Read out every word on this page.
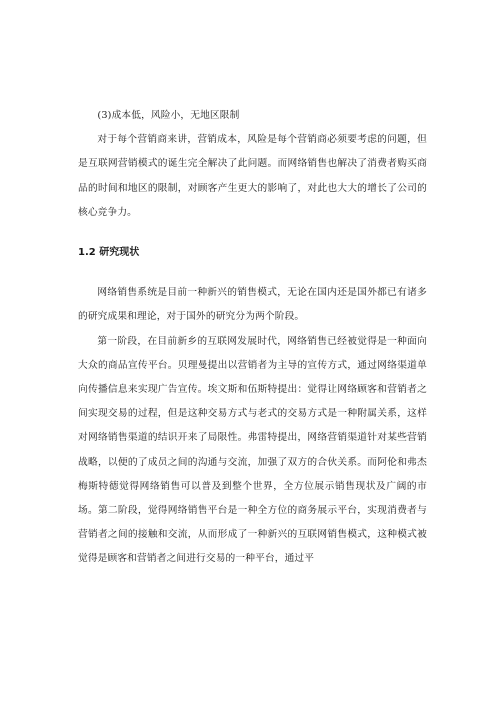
(3)成本低，风险小，无地区限制

对于每个营销商来讲，营销成本，风险是每个营销商必须要考虑的问题，但是互联网营销模式的诞生完全解决了此问题。而网络销售也解决了消费者购买商品的时间和地区的限制，对顾客产生更大的影响了，对此也大大的增长了公司的核心竞争力。

1.2 研究现状

网络销售系统是目前一种新兴的销售模式，无论在国内还是国外都已有诸多的研究成果和理论，对于国外的研究分为两个阶段。

第一阶段，在目前新乡的互联网发展时代，网络销售已经被觉得是一种面向大众的商品宣传平台。贝理曼提出以营销者为主导的宣传方式，通过网络渠道单向传播信息来实现广告宣传。埃文斯和伍斯特提出：觉得让网络顾客和营销者之间实现交易的过程，但是这种交易方式与老式的交易方式是一种附属关系，这样对网络销售渠道的结识开来了局限性。弗雷特提出，网络营销渠道针对某些营销战略，以便的了成员之间的沟通与交流，加强了双方的合伙关系。而阿伦和弗杰梅斯特德觉得网络销售可以普及到整个世界，全方位展示销售现状及广阔的市场。第二阶段，觉得网络销售平台是一种全方位的商务展示平台，实现消费者与营销者之间的接触和交流，从而形成了一种新兴的互联网销售模式，这种模式被觉得是顾客和营销者之间进行交易的一种平台，通过平
